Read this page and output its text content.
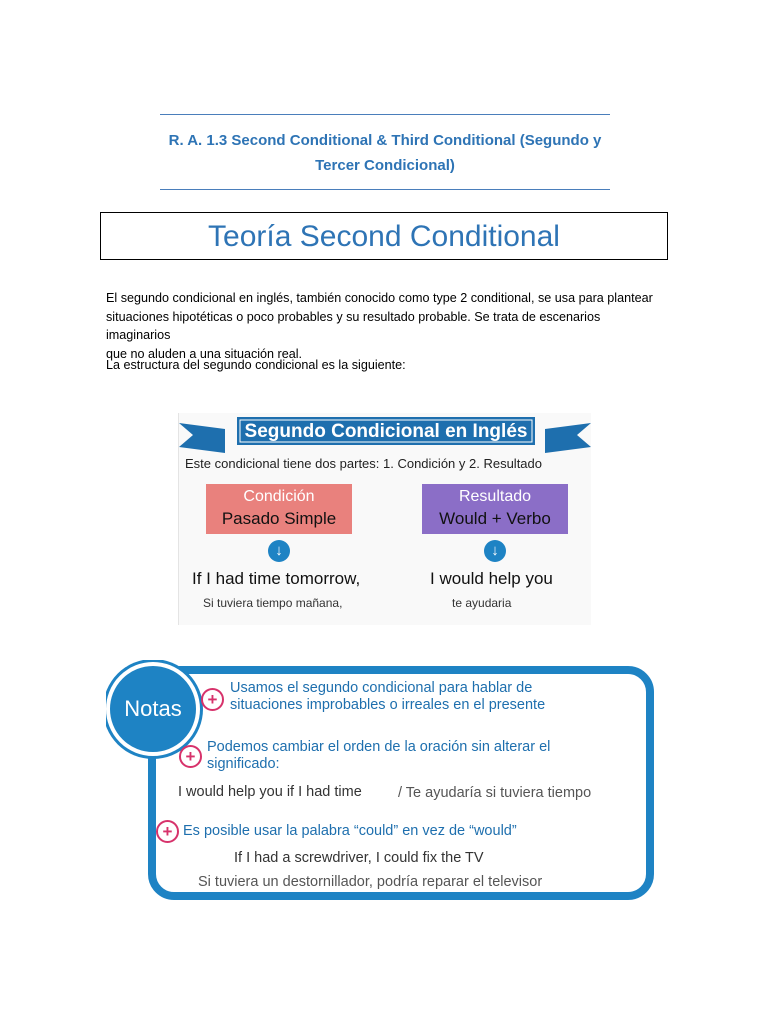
R. A. 1.3 Second Conditional & Third Conditional (Segundo y
Tercer Condicional)
Teoría Second Conditional
El segundo condicional en inglés, también conocido como type 2 conditional, se usa para plantear
situaciones hipotéticas o poco probables y su resultado probable. Se trata de escenarios imaginarios
que no aluden a una situación real.
La estructura del segundo condicional es la siguiente:
Segundo Condicional en Inglés
Este condicional tiene dos partes: 1. Condición y 2. Resultado
Condición
Pasado Simple
Resultado
Would + Verbo
↓	↓
If I had time tomorrow,
Si tuviera tiempo mañana,
I would help you
te ayudaria
Notas	+
Usamos el segundo condicional para hablar de
situaciones improbables o irreales en el presente
+ Podemos cambiar el orden de la oración sin alterar el
significado:
I would help you if I had time / Te ayudaría si tuviera tiempo
+ Es posible usar la palabra “could” en vez de “would”
If I had a screwdriver, I could fix the TV
Si tuviera un destornillador, podría reparar el televisor
